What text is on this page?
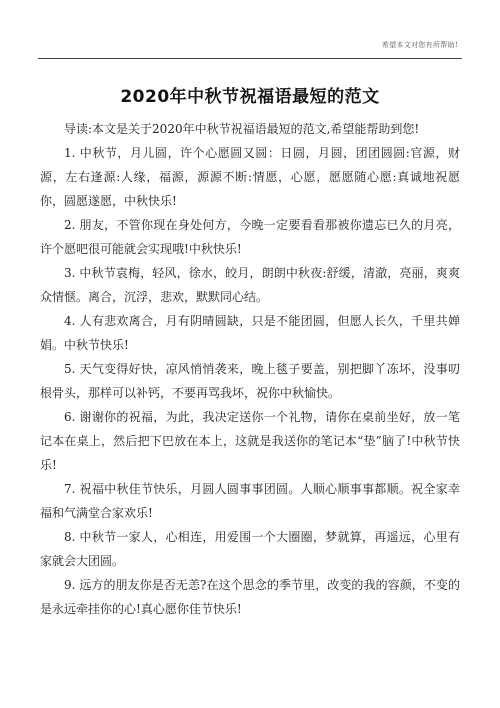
希望本文对您有所帮助!
2020年中秋节祝福语最短的范文

导读:本文是关于2020年中秋节祝福语最短的范文,希望能帮助到您!

1. 中秋节，月儿圆，许个心愿圆又圆：日圆，月圆，团团圆圆:官源，财源，左右逢源:人缘，福源，源源不断:情愿，心愿，愿愿随心愿:真诚地祝愿你，圆愿遂愿，中秋快乐!

2. 朋友，不管你现在身处何方，今晚一定要看看那被你遗忘已久的月亮，许个愿吧很可能就会实现哦!中秋快乐!

3. 中秋节袁梅，轻风，徐水，皎月，朗朗中秋夜:舒缓，清澈，亮丽，爽爽众情惬。离合，沉浮，悲欢，默默同心结。

4. 人有悲欢离合，月有阴晴圆缺，只是不能团圆，但愿人长久，千里共婵娟。中秋节快乐!

5. 天气变得好快，凉风悄悄袭来，晚上毯子要盖，别把脚丫冻坏，没事叨根骨头，那样可以补钙，不要再骂我坏，祝你中秋愉快。

6. 谢谢你的祝福，为此，我决定送你一个礼物，请你在桌前坐好，放一笔记本在桌上，然后把下巴放在本上，这就是我送你的笔记本“垫”脑了!中秋节快乐!

7. 祝福中秋佳节快乐，月圆人圆事事团圆。人顺心顺事事都顺。祝全家幸福和气满堂合家欢乐!

8. 中秋节一家人，心相连，用爱围一个大圈圈，梦就算，再遥远，心里有家就会大团圆。

9. 远方的朋友你是否无恙?在这个思念的季节里，改变的我的容颜，不变的是永远牵挂你的心!真心愿你佳节快乐!
